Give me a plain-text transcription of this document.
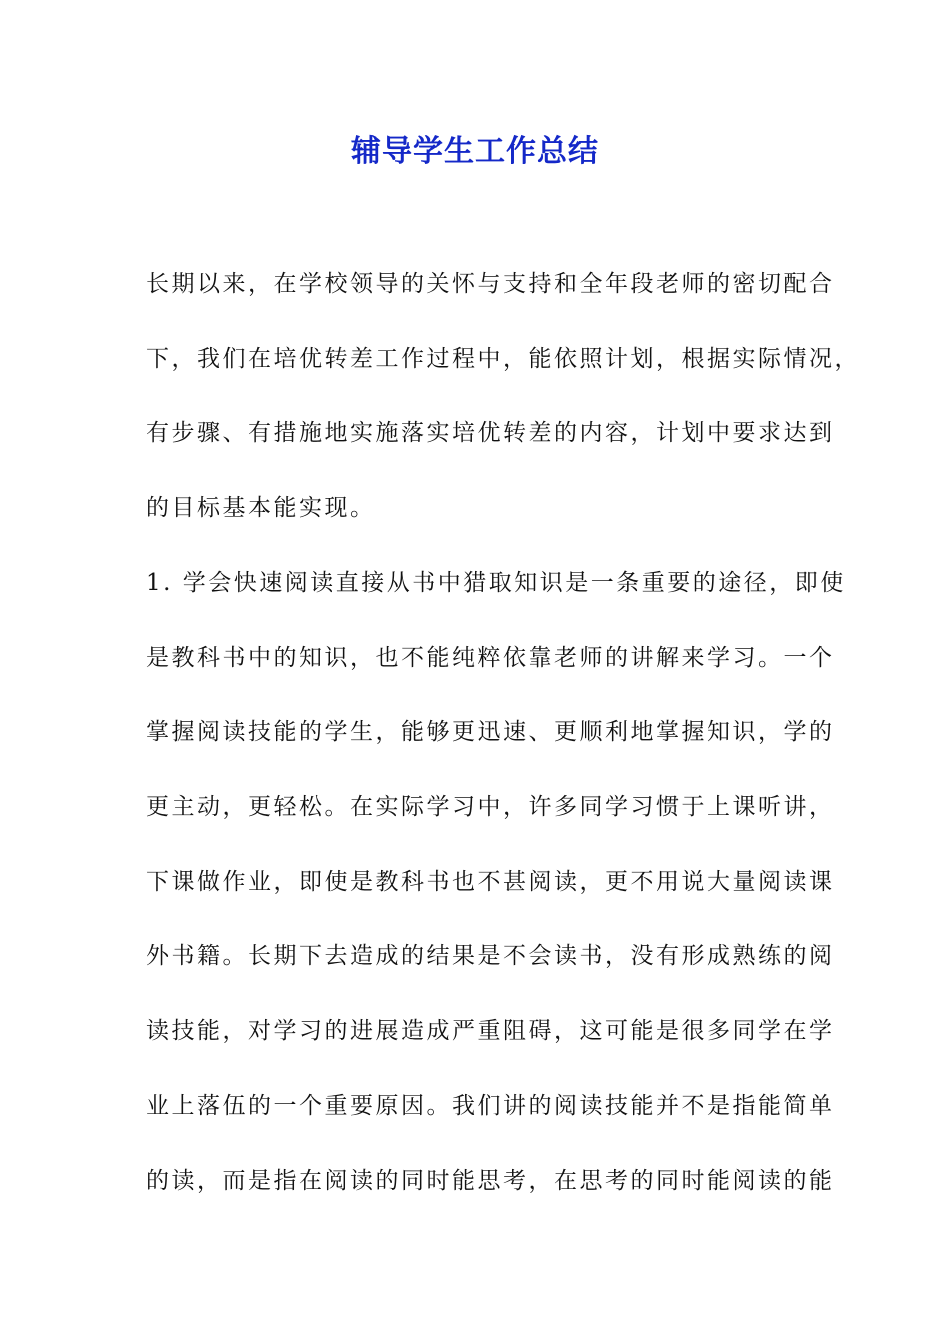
辅导学生工作总结
长期以来，在学校领导的关怀与支持和全年段老师的密切配合
下，我们在培优转差工作过程中，能依照计划，根据实际情况，
有步骤、有措施地实施落实培优转差的内容，计划中要求达到
的目标基本能实现。
1. 学会快速阅读直接从书中猎取知识是一条重要的途径，即使
是教科书中的知识，也不能纯粹依靠老师的讲解来学习。一个
掌握阅读技能的学生，能够更迅速、更顺利地掌握知识，学的
更主动，更轻松。在实际学习中，许多同学习惯于上课听讲，
下课做作业，即使是教科书也不甚阅读，更不用说大量阅读课
外书籍。长期下去造成的结果是不会读书，没有形成熟练的阅
读技能，对学习的进展造成严重阻碍，这可能是很多同学在学
业上落伍的一个重要原因。我们讲的阅读技能并不是指能简单
的读，而是指在阅读的同时能思考，在思考的同时能阅读的能
